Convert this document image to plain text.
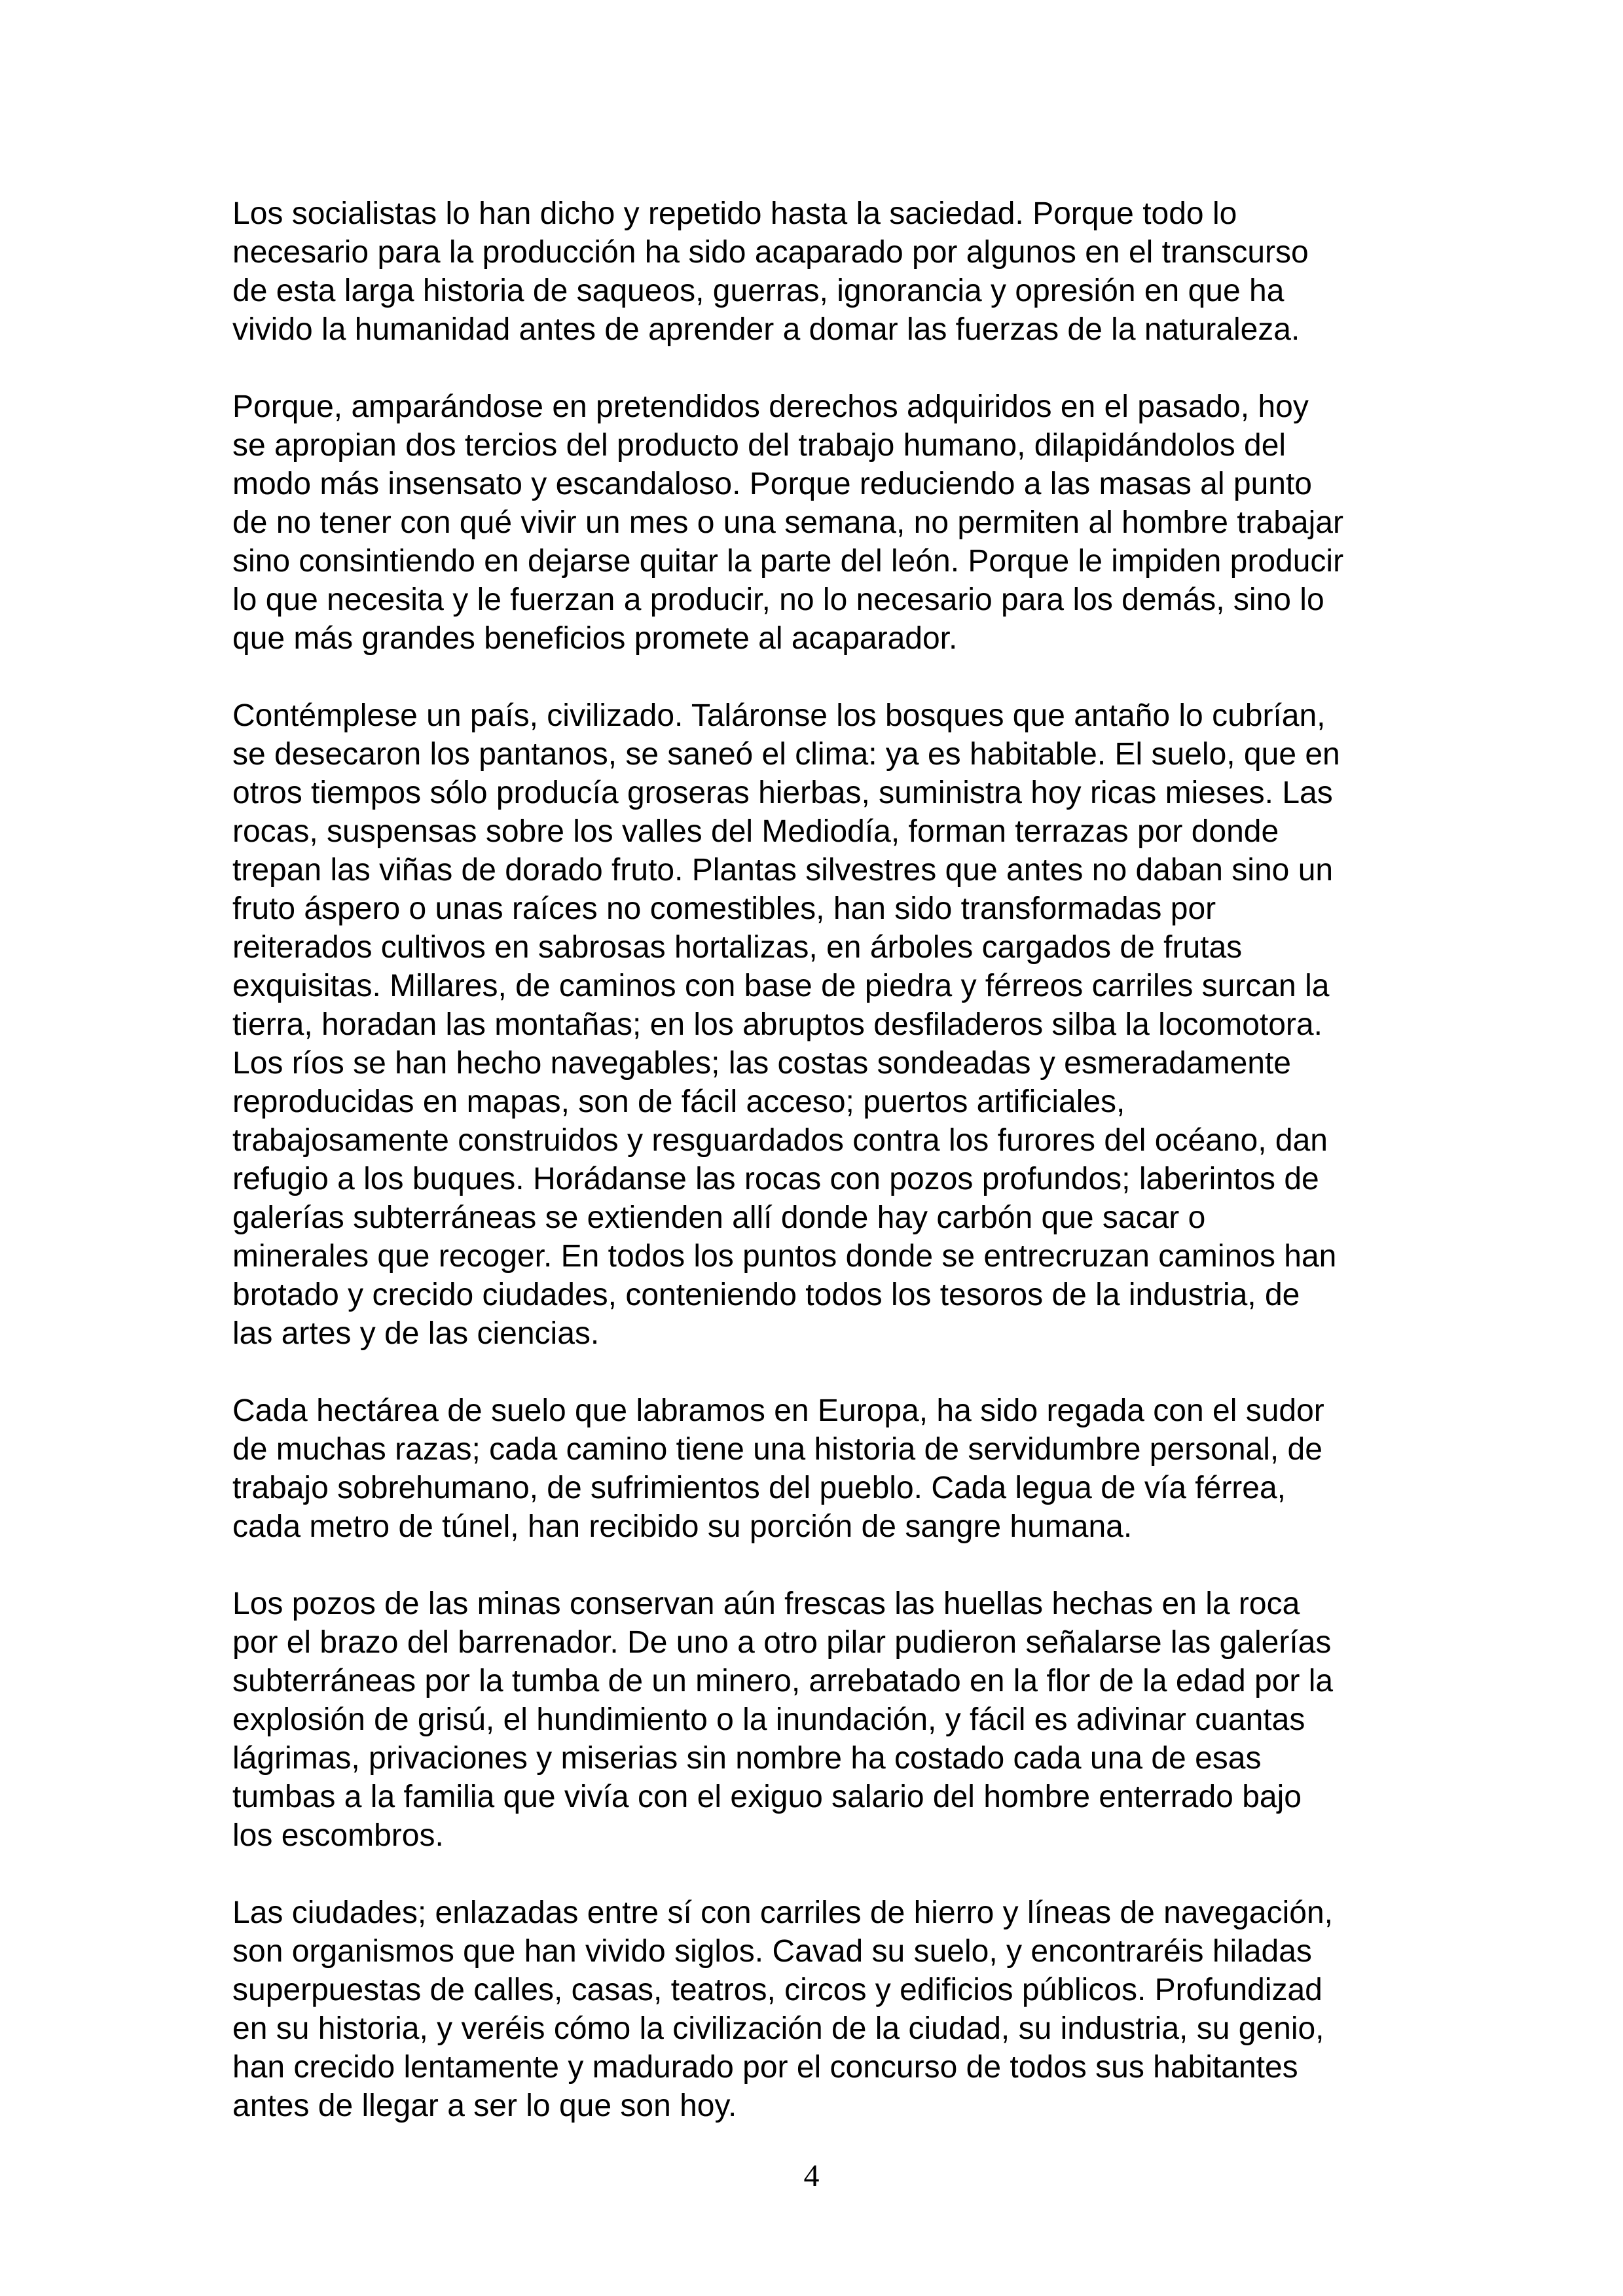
Los socialistas lo han dicho y repetido hasta la saciedad. Porque todo lo
necesario para la producción ha sido acaparado por algunos en el transcurso
de esta larga historia de saqueos, guerras, ignorancia y opresión en que ha
vivido la humanidad antes de aprender a domar las fuerzas de la naturaleza.
Porque, amparándose en pretendidos derechos adquiridos en el pasado, hoy
se apropian dos tercios del producto del trabajo humano, dilapidándolos del
modo más insensato y escandaloso. Porque reduciendo a las masas al punto
de no tener con qué vivir un mes o una semana, no permiten al hombre trabajar
sino consintiendo en dejarse quitar la parte del león. Porque le impiden producir
lo que necesita y le fuerzan a producir, no lo necesario para los demás, sino lo
que más grandes beneficios promete al acaparador.
Contémplese un país, civilizado. Taláronse los bosques que antaño lo cubrían,
se desecaron los pantanos, se saneó el clima: ya es habitable. El suelo, que en
otros tiempos sólo producía groseras hierbas, suministra hoy ricas mieses. Las
rocas, suspensas sobre los valles del Mediodía, forman terrazas por donde
trepan las viñas de dorado fruto. Plantas silvestres que antes no daban sino un
fruto áspero o unas raíces no comestibles, han sido transformadas por
reiterados cultivos en sabrosas hortalizas, en árboles cargados de frutas
exquisitas. Millares, de caminos con base de piedra y férreos carriles surcan la
tierra, horadan las montañas; en los abruptos desfiladeros silba la locomotora.
Los ríos se han hecho navegables; las costas sondeadas y esmeradamente
reproducidas en mapas, son de fácil acceso; puertos artificiales,
trabajosamente construidos y resguardados contra los furores del océano, dan
refugio a los buques. Horádanse las rocas con pozos profundos; laberintos de
galerías subterráneas se extienden allí donde hay carbón que sacar o
minerales que recoger. En todos los puntos donde se entrecruzan caminos han
brotado y crecido ciudades, conteniendo todos los tesoros de la industria, de
las artes y de las ciencias.
Cada hectárea de suelo que labramos en Europa, ha sido regada con el sudor
de muchas razas; cada camino tiene una historia de servidumbre personal, de
trabajo sobrehumano, de sufrimientos del pueblo. Cada legua de vía férrea,
cada metro de túnel, han recibido su porción de sangre humana.
Los pozos de las minas conservan aún frescas las huellas hechas en la roca
por el brazo del barrenador. De uno a otro pilar pudieron señalarse las galerías
subterráneas por la tumba de un minero, arrebatado en la flor de la edad por la
explosión de grisú, el hundimiento o la inundación, y fácil es adivinar cuantas
lágrimas, privaciones y miserias sin nombre ha costado cada una de esas
tumbas a la familia que vivía con el exiguo salario del hombre enterrado bajo
los escombros.
Las ciudades; enlazadas entre sí con carriles de hierro y líneas de navegación,
son organismos que han vivido siglos. Cavad su suelo, y encontraréis hiladas
superpuestas de calles, casas, teatros, circos y edificios públicos. Profundizad
en su historia, y veréis cómo la civilización de la ciudad, su industria, su genio,
han crecido lentamente y madurado por el concurso de todos sus habitantes
antes de llegar a ser lo que son hoy.
4
